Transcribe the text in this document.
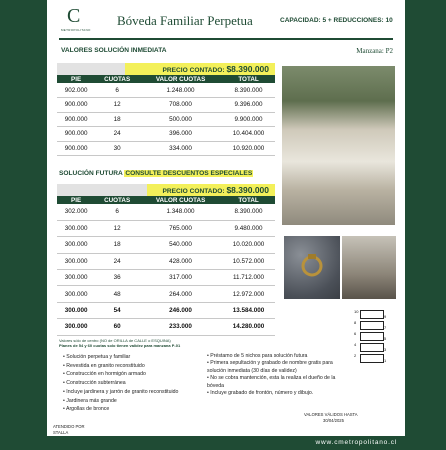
C
METROPOLITANO
Bóveda Familiar Perpetua	CAPACIDAD: 5 + REDUCCIONES: 10
VALORES SOLUCIÓN INMEDIATA	Manzana: P2
PRECIO CONTADO: $8.390.000
PIE	CUOTAS	VALOR CUOTAS	TOTAL
902.000	6	1.248.000	8.390.000
900.000	12	708.000	9.396.000
900.000	18	500.000	9.900.000
900.000	24	396.000	10.404.000
900.000	30	334.000	10.920.000
SOLUCIÓN FUTURA CONSULTE DESCUENTOS ESPECIALES
PRECIO CONTADO: $8.390.000
PIE	CUOTAS	VALOR CUOTAS	TOTAL
302.000	6	1.348.000	8.390.000
300.000	12	765.000	9.480.000
300.000	18	540.000	10.020.000
300.000	24	428.000	10.572.000
300.000	36	317.000	11.712.000
300.000	48	264.000	12.972.000
300.000	54	246.000	13.584.000
300.000	60	233.000	14.280.000
Valores sólo de centro (NO de ORILLA de CALLE o ESQUINA)
Planes de 54 y 60 cuotas solo tienen validez para manzana P-01
• Solución perpetua y familiar
• Revestida en granito reconstituido
• Construcción en hormigón armado
• Construcción subterránea
• Incluye jardinera y jarrón de granito reconstituido
• Jardinera más grande
• Argollas de bronce
• Préstamo de 5 nichos para solución futura
• Primera sepultación y grabado de nombre gratis para solución inmediata (30 días de validez)
• No se cobra mantención, esta la realiza el dueño de la bóveda
• Incluye grabado de frontón, número y dibujo.
VALORES VÁLIDOS HASTA
30/04/2025
ATENDIDO POR
STALLA
www.cmetropolitano.cl
10
9
8
7
6
5
4
3
2
1
